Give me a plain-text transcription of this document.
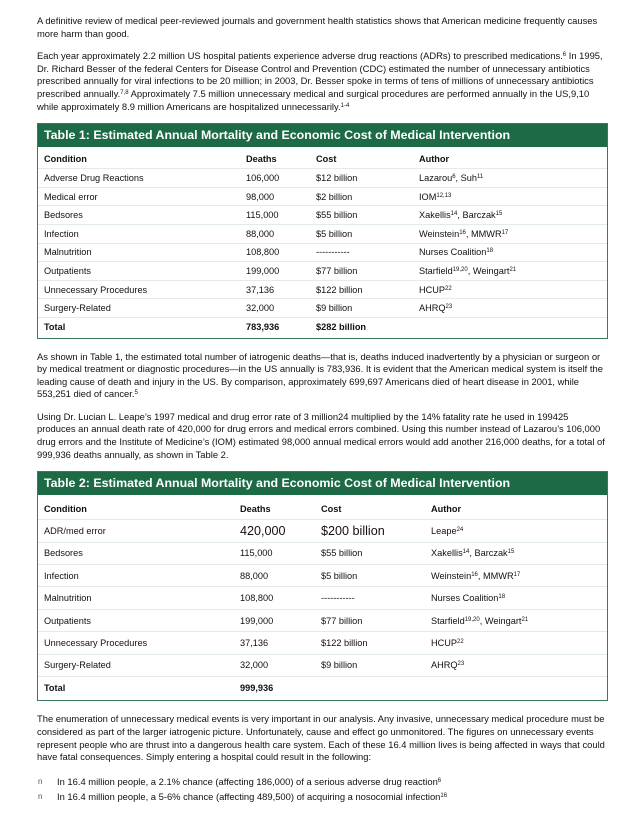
A definitive review of medical peer-reviewed journals and government health statistics shows that American medicine frequently causes more harm than good.

Each year approximately 2.2 million US hospital patients experience adverse drug reactions (ADRs) to prescribed medications.$^6$ In 1995, Dr. Richard Besser of the federal Centers for Disease Control and Prevention (CDC) estimated the number of unnecessary antibiotics prescribed annually for viral infections to be 20 million; in 2003, Dr. Besser spoke in terms of tens of millions of unnecessary antibiotics prescribed annually.$^{7,8}$ Approximately 7.5 million unnecessary medical and surgical procedures are performed annually in the US,9,10 while approximately 8.9 million Americans are hospitalized unnecessarily.$^{1-4}$

Table 1: Estimated Annual Mortality and Economic Cost of Medical Intervention
Condition	Deaths	Cost	Author
Adverse Drug Reactions	106,000	$12 billion	Lazarou$^6$, Suh$^{11}$
Medical error	98,000	$2 billion	IOM$^{12,13}$
Bedsores	115,000	$55 billion	Xakellis$^{14}$, Barczak$^{15}$
Infection	88,000	$5 billion	Weinstein$^{16}$, MMWR$^{17}$
Malnutrition	108,800	-----------	Nurses Coalition$^{18}$
Outpatients	199,000	$77 billion	Starfield$^{19,20}$, Weingart$^{21}$
Unnecessary Procedures	37,136	$122 billion	HCUP$^{22}$
Surgery-Related	32,000	$9 billion	AHRQ$^{23}$
Total	783,936	$282 billion

As shown in Table 1, the estimated total number of iatrogenic deaths—that is, deaths induced inadvertently by a physician or surgeon or by medical treatment or diagnostic procedures—in the US annually is 783,936. It is evident that the American medical system is itself the leading cause of death and injury in the US. By comparison, approximately 699,697 Americans died of heart disease in 2001, while 553,251 died of cancer.$^5$

Using Dr. Lucian L. Leape’s 1997 medical and drug error rate of 3 million24 multiplied by the 14% fatality rate he used in 199425 produces an annual death rate of 420,000 for drug errors and medical errors combined. Using this number instead of Lazarou’s 106,000 drug errors and the Institute of Medicine’s (IOM) estimated 98,000 annual medical errors would add another 216,000 deaths, for a total of 999,936 deaths annually, as shown in Table 2.

Table 2: Estimated Annual Mortality and Economic Cost of Medical Intervention
Condition	Deaths	Cost	Author
ADR/med error	420,000	$200 billion	Leape$^{24}$
Bedsores	115,000	$55 billion	Xakellis$^{14}$, Barczak$^{15}$
Infection	88,000	$5 billion	Weinstein$^{16}$, MMWR$^{17}$
Malnutrition	108,800	-----------	Nurses Coalition$^{18}$
Outpatients	199,000	$77 billion	Starfield$^{19,20}$, Weingart$^{21}$
Unnecessary Procedures	37,136	$122 billion	HCUP$^{22}$
Surgery-Related	32,000	$9 billion	AHRQ$^{23}$
Total	999,936

The enumeration of unnecessary medical events is very important in our analysis. Any invasive, unnecessary medical procedure must be considered as part of the larger iatrogenic picture. Unfortunately, cause and effect go unmonitored. The figures on unnecessary events represent people who are thrust into a dangerous health care system. Each of these 16.4 million lives is being affected in ways that could have fatal consequences. Simply entering a hospital could result in the following:

n In 16.4 million people, a 2.1% chance (affecting 186,000) of a serious adverse drug reaction$^6$
n In 16.4 million people, a 5-6% chance (affecting 489,500) of acquiring a nosocomial infection$^{16}$
